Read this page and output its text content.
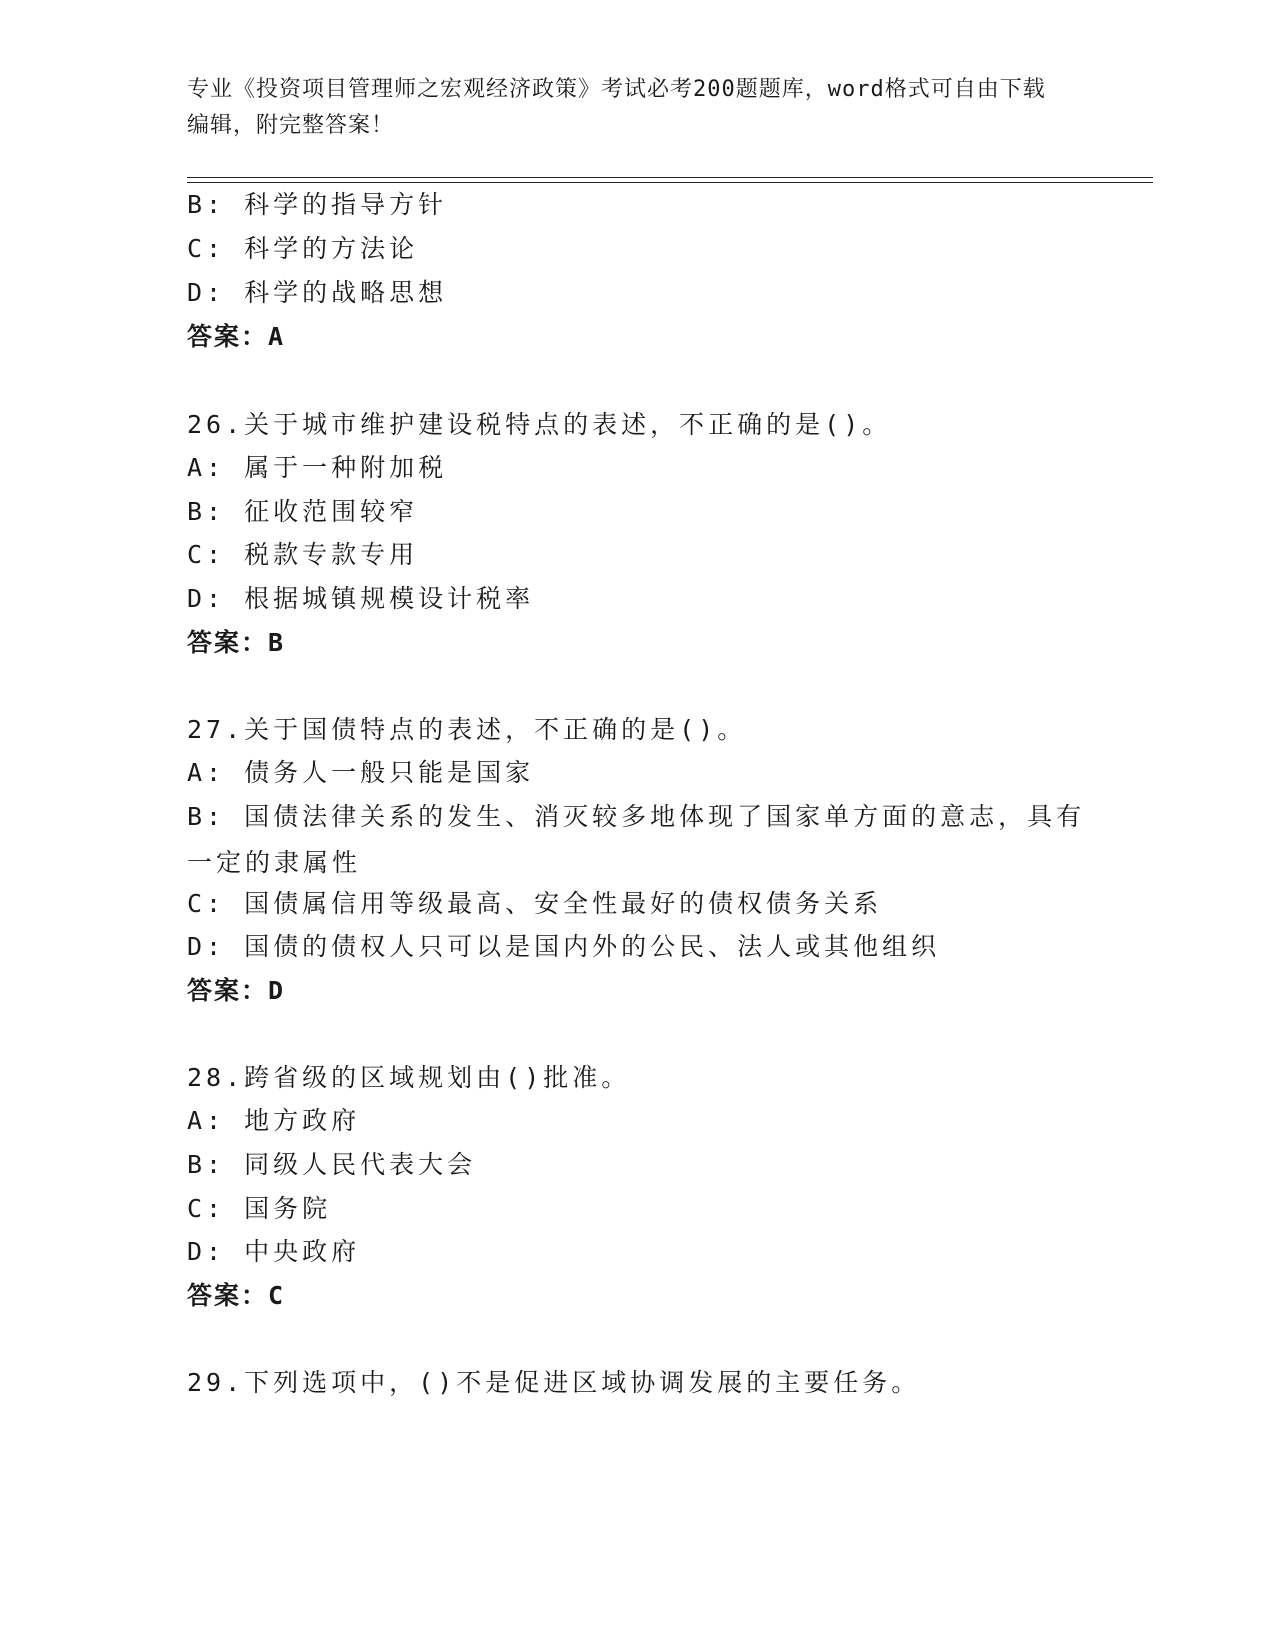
专业《投资项目管理师之宏观经济政策》考试必考200题题库，word格式可自由下载编辑，附完整答案！

B: 科学的指导方针
C: 科学的方法论
D: 科学的战略思想
答案：A
26.关于城市维护建设税特点的表述，不正确的是()。
A: 属于一种附加税
B: 征收范围较窄
C: 税款专款专用
D: 根据城镇规模设计税率
答案：B
27.关于国债特点的表述，不正确的是()。
A: 债务人一般只能是国家
B: 国债法律关系的发生、消灭较多地体现了国家单方面的意志，具有一定的隶属性
C: 国债属信用等级最高、安全性最好的债权债务关系
D: 国债的债权人只可以是国内外的公民、法人或其他组织
答案：D
28.跨省级的区域规划由()批准。
A: 地方政府
B: 同级人民代表大会
C: 国务院
D: 中央政府
答案：C
29.下列选项中，()不是促进区域协调发展的主要任务。
